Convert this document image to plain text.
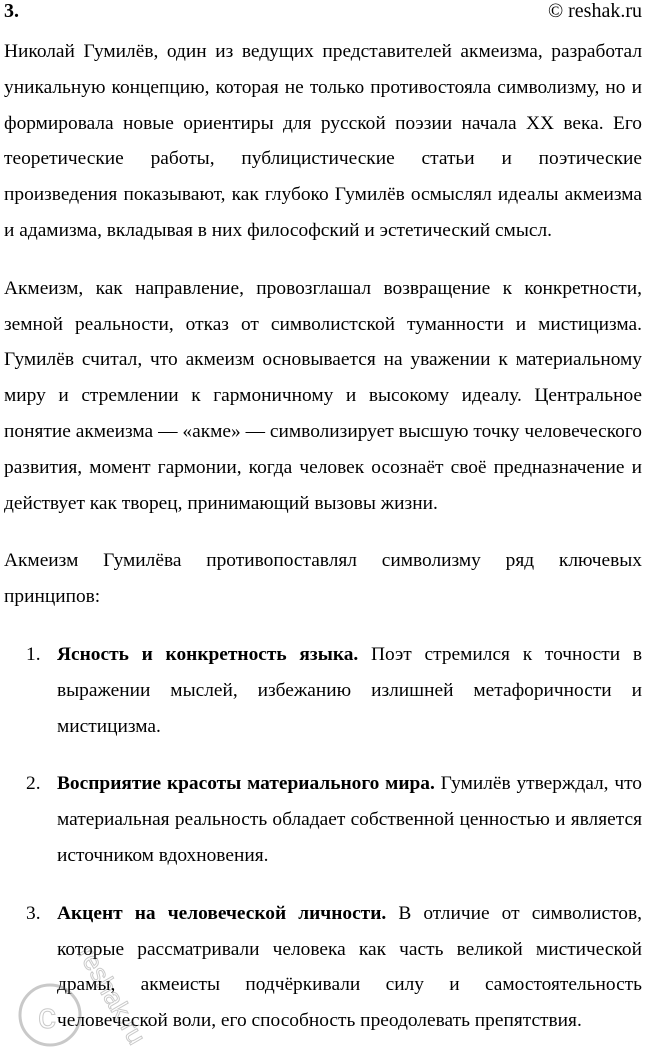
3.	© reshak.ru

Николай Гумилёв, один из ведущих представителей акмеизма, разработал уникальную концепцию, которая не только противостояла символизму, но и формировала новые ориентиры для русской поэзии начала XX века. Его теоретические работы, публицистические статьи и поэтические произведения показывают, как глубоко Гумилёв осмыслял идеалы акмеизма и адамизма, вкладывая в них философский и эстетический смысл.

Акмеизм, как направление, провозглашал возвращение к конкретности, земной реальности, отказ от символистской туманности и мистицизма. Гумилёв считал, что акмеизм основывается на уважении к материальному миру и стремлении к гармоничному и высокому идеалу. Центральное понятие акмеизма — «акме» — символизирует высшую точку человеческого развития, момент гармонии, когда человек осознаёт своё предназначение и действует как творец, принимающий вызовы жизни.

Акмеизм Гумилёва противопоставлял символизму ряд ключевых принципов:

1. Ясность и конкретность языка. Поэт стремился к точности в выражении мыслей, избежанию излишней метафоричности и мистицизма.
2. Восприятие красоты материального мира. Гумилёв утверждал, что материальная реальность обладает собственной ценностью и является источником вдохновения.
3. Акцент на человеческой личности. В отличие от символистов, которые рассматривали человека как часть великой мистической драмы, акмеисты подчёркивали силу и самостоятельность человеческой воли, его способность преодолевать препятствия.
c reshak.ru
